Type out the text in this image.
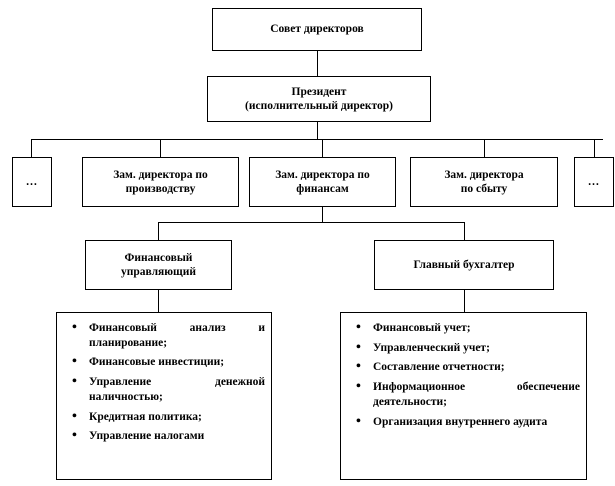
Совет директоров
Президент
(исполнительный директор)
…
Зам. директора по
производству
Зам. директора по
финансам
Зам. директора
по сбыту
…
Финансовый
управляющий
Главный бухгалтер
• Финансовый анализ и планирование;
• Финансовые инвестиции;
• Управление денежной наличностью;
• Кредитная политика;
• Управление налогами
• Финансовый учет;
• Управленческий учет;
• Составление отчетности;
• Информационное обеспечение деятельности;
• Организация внутреннего аудита
